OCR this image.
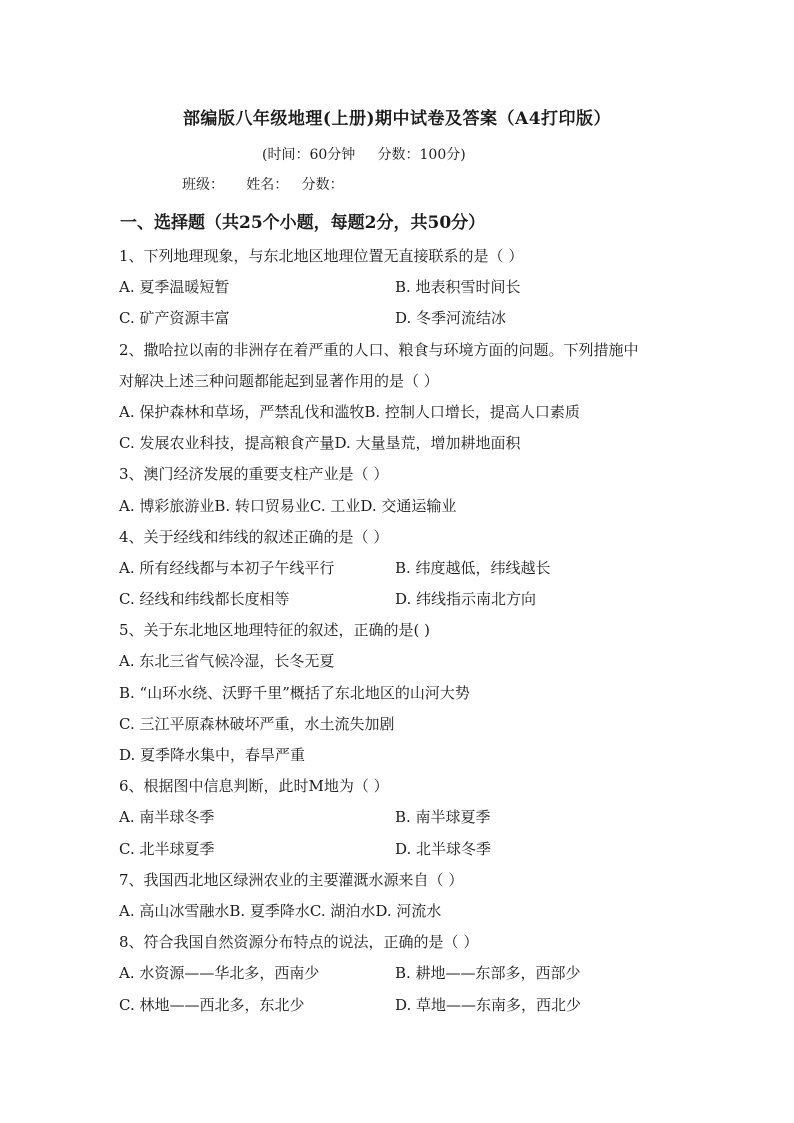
部编版八年级地理(上册)期中试卷及答案（A4打印版）
(时间：60分钟     分数：100分)
班级：     姓名：   分数：
一、选择题（共25个小题，每题2分，共50分）
1、下列地理现象，与东北地区地理位置无直接联系的是（ ）
A. 夏季温暖短暂	B. 地表积雪时间长
C. 矿产资源丰富	D. 冬季河流结冰
2、撒哈拉以南的非洲存在着严重的人口、粮食与环境方面的问题。下列措施中
对解决上述三种问题都能起到显著作用的是（ ）
A. 保护森林和草场，严禁乱伐和滥牧B. 控制人口增长，提高人口素质
C. 发展农业科技，提高粮食产量D. 大量垦荒，增加耕地面积
3、澳门经济发展的重要支柱产业是（ ）
A. 博彩旅游业B. 转口贸易业C. 工业D. 交通运输业
4、关于经线和纬线的叙述正确的是（ ）
A. 所有经线都与本初子午线平行	B. 纬度越低，纬线越长
C. 经线和纬线都长度相等	D. 纬线指示南北方向
5、关于东北地区地理特征的叙述，正确的是( )
A. 东北三省气候冷湿，长冬无夏
B. “山环水绕、沃野千里”概括了东北地区的山河大势
C. 三江平原森林破坏严重，水土流失加剧
D. 夏季降水集中，春旱严重
6、根据图中信息判断，此时M地为（ ）
A. 南半球冬季	B. 南半球夏季
C. 北半球夏季	D. 北半球冬季
7、我国西北地区绿洲农业的主要灌溉水源来自（ ）
A. 高山冰雪融水B. 夏季降水C. 湖泊水D. 河流水
8、符合我国自然资源分布特点的说法，正确的是（ ）
A. 水资源——华北多，西南少	B. 耕地——东部多，西部少
C. 林地——西北多，东北少	D. 草地——东南多，西北少
